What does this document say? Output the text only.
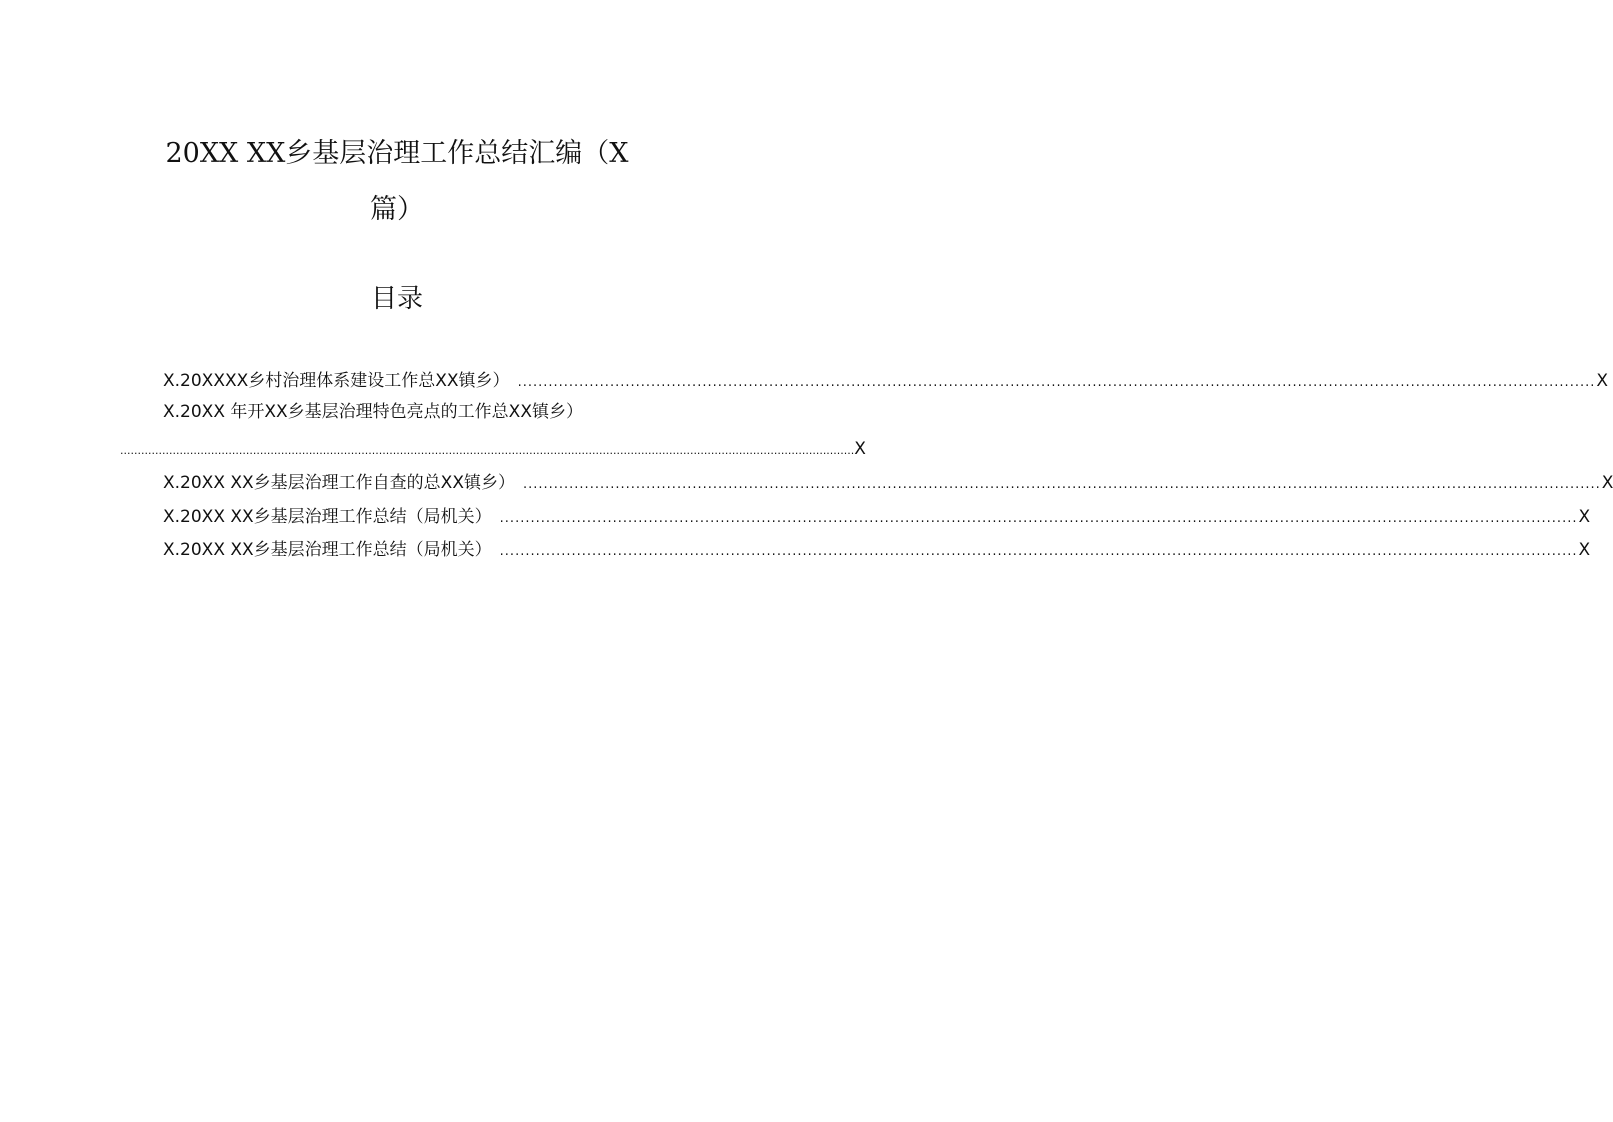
20XX XX乡基层治理工作总结汇编（X
篇）
目录
X.20XXXX乡村治理体系建设工作总XX镇乡） .................................................................................................................................................................................................................. X
X.20XX 年开XX乡基层治理特色亮点的工作总XX镇乡）
.................................................................................................................................................................................................................. X
X.20XX XX乡基层治理工作自查的总XX镇乡） .................................................................................................................................................................................................................. X
X.20XX XX乡基层治理工作总结（局机关） .................................................................................................................................................................................................................. X
X.20XX XX乡基层治理工作总结（局机关） .................................................................................................................................................................................................................. X
